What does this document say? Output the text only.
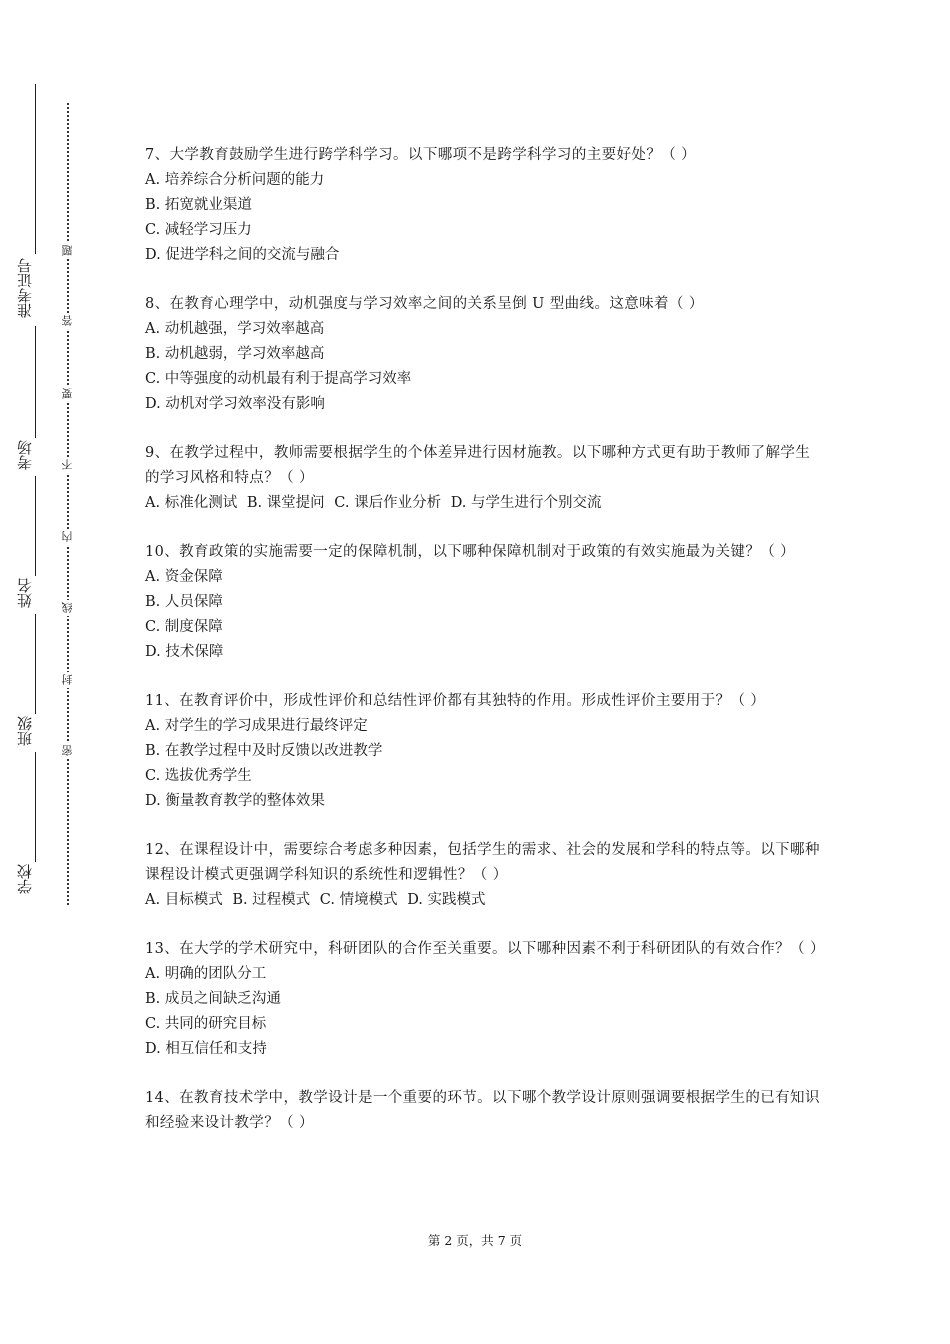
准考证号
考场
姓名
班级
学校
题
答
要
不
内
线
封
密
7、大学教育鼓励学生进行跨学科学习。以下哪项不是跨学科学习的主要好处？（ ）
A. 培养综合分析问题的能力
B. 拓宽就业渠道
C. 减轻学习压力
D. 促进学科之间的交流与融合
8、在教育心理学中，动机强度与学习效率之间的关系呈倒 U 型曲线。这意味着（ ）
A. 动机越强，学习效率越高
B. 动机越弱，学习效率越高
C. 中等强度的动机最有利于提高学习效率
D. 动机对学习效率没有影响
9、在教学过程中，教师需要根据学生的个体差异进行因材施教。以下哪种方式更有助于教师了解学生的学习风格和特点？（ ）
A. 标准化测试 B. 课堂提问 C. 课后作业分析 D. 与学生进行个别交流
10、教育政策的实施需要一定的保障机制，以下哪种保障机制对于政策的有效实施最为关键？（ ）
A. 资金保障
B. 人员保障
C. 制度保障
D. 技术保障
11、在教育评价中，形成性评价和总结性评价都有其独特的作用。形成性评价主要用于？（ ）
A. 对学生的学习成果进行最终评定
B. 在教学过程中及时反馈以改进教学
C. 选拔优秀学生
D. 衡量教育教学的整体效果
12、在课程设计中，需要综合考虑多种因素，包括学生的需求、社会的发展和学科的特点等。以下哪种课程设计模式更强调学科知识的系统性和逻辑性？（ ）
A. 目标模式 B. 过程模式 C. 情境模式 D. 实践模式
13、在大学的学术研究中，科研团队的合作至关重要。以下哪种因素不利于科研团队的有效合作？（ ）
A. 明确的团队分工
B. 成员之间缺乏沟通
C. 共同的研究目标
D. 相互信任和支持
14、在教育技术学中，教学设计是一个重要的环节。以下哪个教学设计原则强调要根据学生的已有知识和经验来设计教学？（ ）
第 2 页，共 7 页
